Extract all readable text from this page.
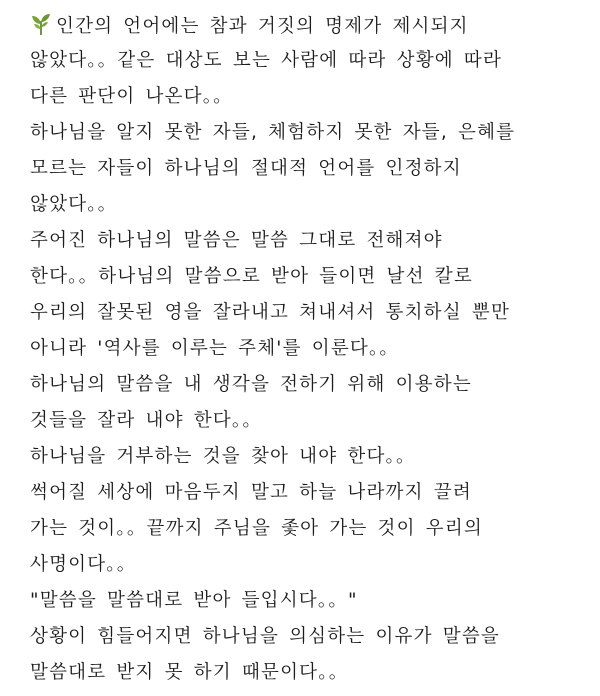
인간의 언어에는 참과 거짓의 명제가 제시되지
않았다。。같은 대상도 보는 사람에 따라 상황에 따라
다른 판단이 나온다。。
하나님을 알지 못한 자들, 체험하지 못한 자들, 은혜를
모르는 자들이 하나님의 절대적 언어를 인정하지
않았다。。
주어진 하나님의 말씀은 말씀 그대로 전해져야
한다。。하나님의 말씀으로 받아 들이면 날선 칼로
우리의 잘못된 영을 잘라내고 쳐내셔서 통치하실 뿐만
아니라 '역사를 이루는 주체'를 이룬다。。
하나님의 말씀을 내 생각을 전하기 위해 이용하는
것들을 잘라 내야 한다。。
하나님을 거부하는 것을 찾아 내야 한다。。
썩어질 세상에 마음두지 말고 하늘 나라까지 끌려
가는 것이。。끝까지 주님을 좇아 가는 것이 우리의
사명이다。。
"말씀을 말씀대로 받아 들입시다。。"
상황이 힘들어지면 하나님을 의심하는 이유가 말씀을
말씀대로 받지 못 하기 때문이다。。
